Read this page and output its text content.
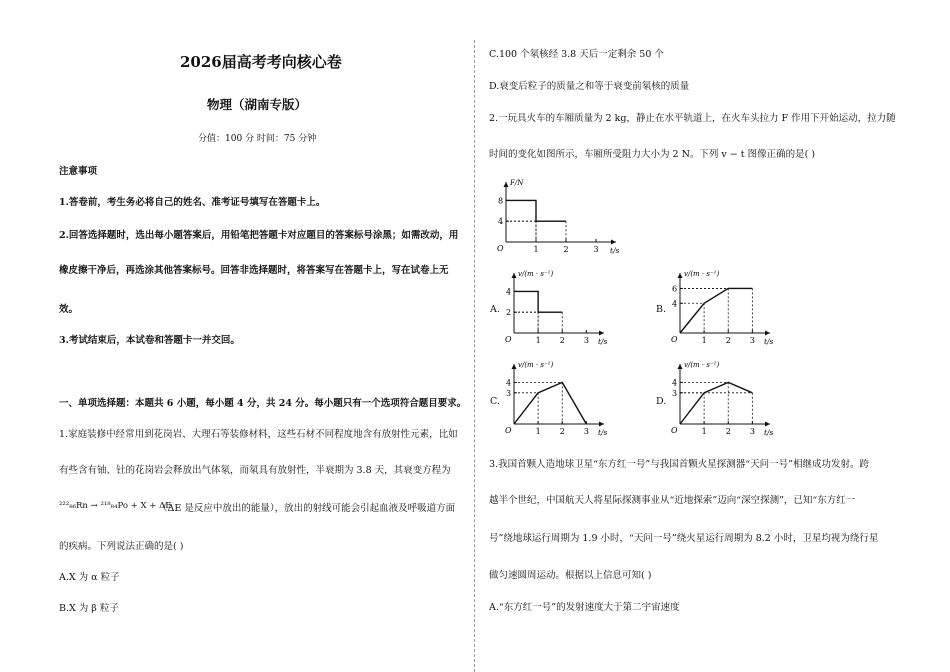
2026届高考考向核心卷
物理（湖南专版）
分值：100 分 时间：75 分钟
注意事项
1.答卷前，考生务必将自己的姓名、准考证号填写在答题卡上。
2.回答选择题时，选出每小题答案后，用铅笔把答题卡对应题目的答案标号涂黑；如需改动，用
橡皮擦干净后，再选涂其他答案标号。回答非选择题时，将答案写在答题卡上，写在试卷上无
效。
3.考试结束后，本试卷和答题卡一并交回。
一、单项选择题：本题共 6 小题，每小题 4 分，共 24 分。每小题只有一个选项符合题目要求。
1.家庭装修中经常用到花岗岩、大理石等装修材料，这些石材不同程度地含有放射性元素，比如
有些含有铀、钍的花岗岩会释放出气体氡，而氡具有放射性，半衰期为 3.8 天，其衰变方程为
²²²₈₆Rn → ²¹⁸₈₄Po + X + ΔE
（ΔE 是反应中放出的能量），放出的射线可能会引起血液及呼吸道方面
的疾病。下列说法正确的是( )
A.X 为 α 粒子
B.X 为 β 粒子
C.100 个氡核经 3.8 天后一定剩余 50 个
D.衰变后粒子的质量之和等于衰变前氡核的质量
2.一玩具火车的车厢质量为 2 kg，静止在水平轨道上，在火车头拉力 F 作用下开始运动，拉力随
时间的变化如图所示，车厢所受阻力大小为 2 N。下列 v − t 图像正确的是( )
F/N
t/s
O	1	2	3
4
8
A.
v/(m · s⁻¹)
t/s
O	1 2 3
2
4
B.
v/(m · s⁻¹)
t/s
O	1 2 3
4
6
C.
v/(m · s⁻¹)
t/s
O	1 2 3
3
4
D.
v/(m · s⁻¹)
t/s
O	1 2 3
3
4
3.我国首颗人造地球卫星“东方红一号”与我国首颗火星探测器“天问一号”相继成功发射。跨
越半个世纪，中国航天人将星际探测事业从“近地探索”迈向“深空探测”，已知“东方红一
号”绕地球运行周期为 1.9 小时，“天问一号”绕火星运行周期为 8.2 小时，卫星均视为绕行星
做匀速圆周运动。根据以上信息可知( )
A.“东方红一号”的发射速度大于第二宇宙速度
